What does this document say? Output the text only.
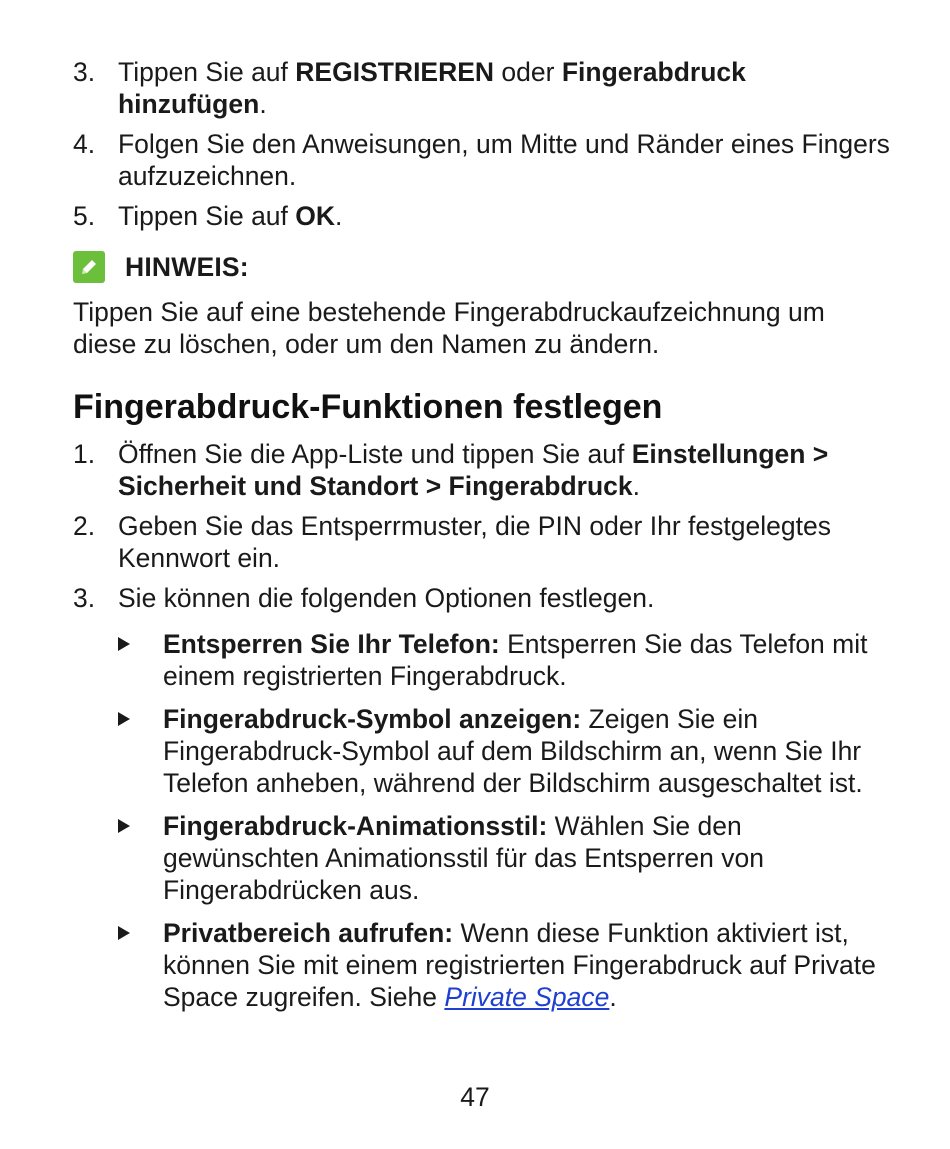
3. Tippen Sie auf REGISTRIEREN oder Fingerabdruck hinzufügen.
4. Folgen Sie den Anweisungen, um Mitte und Ränder eines Fingers aufzuzeichnen.
5. Tippen Sie auf OK.
HINWEIS:
Tippen Sie auf eine bestehende Fingerabdruckaufzeichnung um diese zu löschen, oder um den Namen zu ändern.
Fingerabdruck-Funktionen festlegen
1. Öffnen Sie die App-Liste und tippen Sie auf Einstellungen > Sicherheit und Standort > Fingerabdruck.
2. Geben Sie das Entsperrmuster, die PIN oder Ihr festgelegtes Kennwort ein.
3. Sie können die folgenden Optionen festlegen.
Entsperren Sie Ihr Telefon: Entsperren Sie das Telefon mit einem registrierten Fingerabdruck.
Fingerabdruck-Symbol anzeigen: Zeigen Sie ein Fingerabdruck-Symbol auf dem Bildschirm an, wenn Sie Ihr Telefon anheben, während der Bildschirm ausgeschaltet ist.
Fingerabdruck-Animationsstil: Wählen Sie den gewünschten Animationsstil für das Entsperren von Fingerabdrücken aus.
Privatbereich aufrufen: Wenn diese Funktion aktiviert ist, können Sie mit einem registrierten Fingerabdruck auf Private Space zugreifen. Siehe Private Space.
47
